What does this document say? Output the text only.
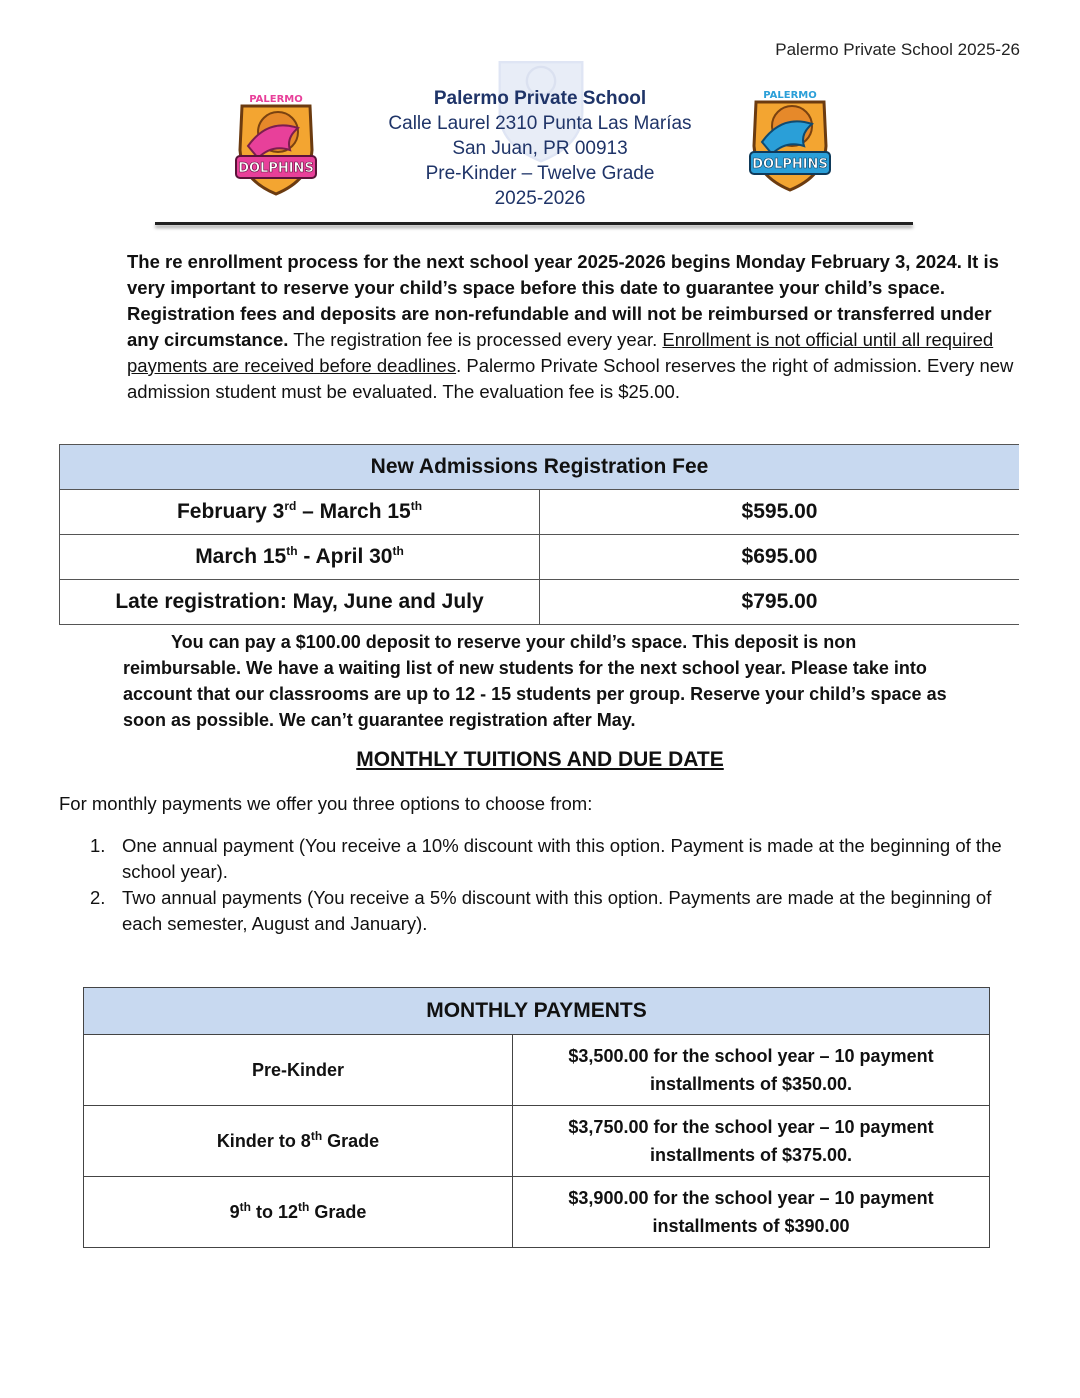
Palermo Private School 2025-26
Palermo Private School
Calle Laurel 2310 Punta Las Marías
San Juan, PR 00913
Pre-Kinder – Twelve Grade
2025-2026
DOLPHINS
PALERMO
DOLPHINS
PALERMO
The re enrollment process for the next school year 2025-2026 begins Monday February 3, 2024. It is very important to reserve your child’s space before this date to guarantee your child’s space. Registration fees and deposits are non-refundable and will not be reimbursed or transferred under any circumstance. The registration fee is processed every year. Enrollment is not official until all required payments are received before deadlines. Palermo Private School reserves the right of admission. Every new admission student must be evaluated. The evaluation fee is $25.00.
New Admissions Registration Fee	
February 3rd – March 15th	$595.00
March 15th - April 30th	$695.00
Late registration: May, June and July	$795.00
You can pay a $100.00 deposit to reserve your child’s space. This deposit is non reimbursable. We have a waiting list of new students for the next school year. Please take into account that our classrooms are up to 12 - 15 students per group. Reserve your child’s space as soon as possible. We can’t guarantee registration after May.
MONTHLY TUITIONS AND DUE DATE
For monthly payments we offer you three options to choose from:
1. One annual payment (You receive a 10% discount with this option. Payment is made at the beginning of the school year).
2. Two annual payments (You receive a 5% discount with this option. Payments are made at the beginning of each semester, August and January).
MONTHLY PAYMENTS	
Pre-Kinder	$3,500.00 for the school year – 10 payment
installments of $350.00.

Kinder to 8th Grade	$3,750.00 for the school year – 10 payment
installments of $375.00.

9th to 12th Grade	$3,900.00 for the school year – 10 payment
installments of $390.00
